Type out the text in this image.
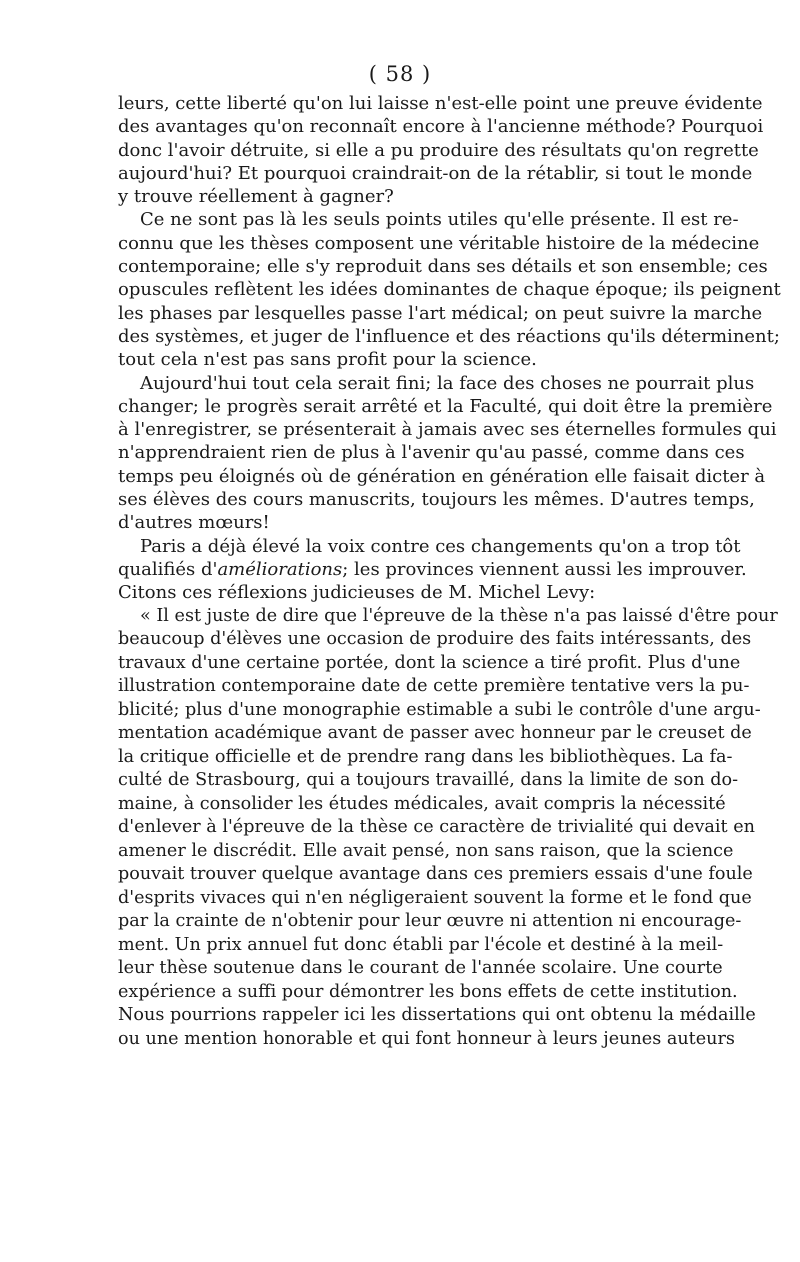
( 58 )
leurs, cette liberté qu'on lui laisse n'est-elle point une preuve évidente
des avantages qu'on reconnaît encore à l'ancienne méthode? Pourquoi
donc l'avoir détruite, si elle a pu produire des résultats qu'on regrette
aujourd'hui? Et pourquoi craindrait-on de la rétablir, si tout le monde
y trouve réellement à gagner?
Ce ne sont pas là les seuls points utiles qu'elle présente. Il est re-
connu que les thèses composent une véritable histoire de la médecine
contemporaine; elle s'y reproduit dans ses détails et son ensemble; ces
opuscules reflètent les idées dominantes de chaque époque; ils peignent
les phases par lesquelles passe l'art médical; on peut suivre la marche
des systèmes, et juger de l'influence et des réactions qu'ils déterminent;
tout cela n'est pas sans profit pour la science.
Aujourd'hui tout cela serait fini; la face des choses ne pourrait plus
changer; le progrès serait arrêté et la Faculté, qui doit être la première
à l'enregistrer, se présenterait à jamais avec ses éternelles formules qui
n'apprendraient rien de plus à l'avenir qu'au passé, comme dans ces
temps peu éloignés où de génération en génération elle faisait dicter à
ses élèves des cours manuscrits, toujours les mêmes. D'autres temps,
d'autres mœurs!
Paris a déjà élevé la voix contre ces changements qu'on a trop tôt
qualifiés d'améliorations; les provinces viennent aussi les improuver.
Citons ces réflexions judicieuses de M. Michel Levy:
« Il est juste de dire que l'épreuve de la thèse n'a pas laissé d'être pour
beaucoup d'élèves une occasion de produire des faits intéressants, des
travaux d'une certaine portée, dont la science a tiré profit. Plus d'une
illustration contemporaine date de cette première tentative vers la pu-
blicité; plus d'une monographie estimable a subi le contrôle d'une argu-
mentation académique avant de passer avec honneur par le creuset de
la critique officielle et de prendre rang dans les bibliothèques. La fa-
culté de Strasbourg, qui a toujours travaillé, dans la limite de son do-
maine, à consolider les études médicales, avait compris la nécessité
d'enlever à l'épreuve de la thèse ce caractère de trivialité qui devait en
amener le discrédit. Elle avait pensé, non sans raison, que la science
pouvait trouver quelque avantage dans ces premiers essais d'une foule
d'esprits vivaces qui n'en négligeraient souvent la forme et le fond que
par la crainte de n'obtenir pour leur œuvre ni attention ni encourage-
ment. Un prix annuel fut donc établi par l'école et destiné à la meil-
leur thèse soutenue dans le courant de l'année scolaire. Une courte
expérience a suffi pour démontrer les bons effets de cette institution.
Nous pourrions rappeler ici les dissertations qui ont obtenu la médaille
ou une mention honorable et qui font honneur à leurs jeunes auteurs
